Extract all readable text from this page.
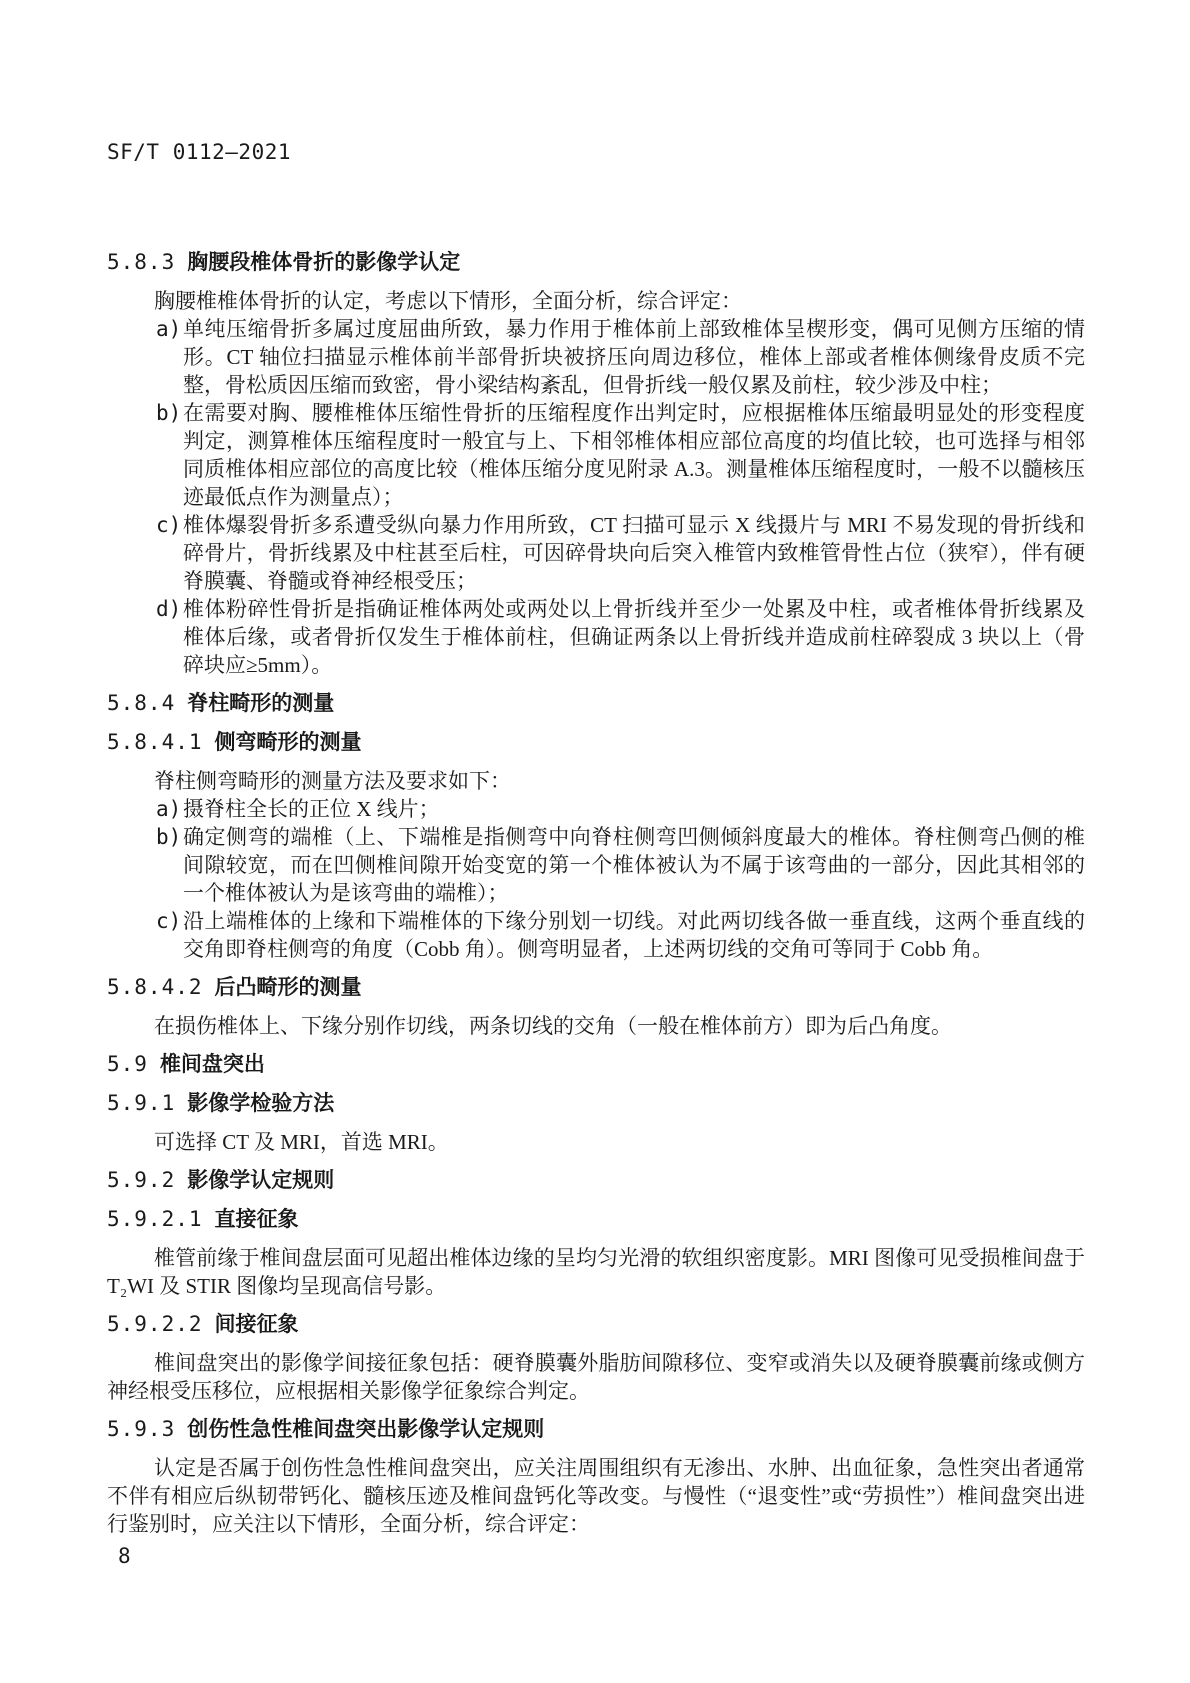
SF/T 0112—2021
5.8.3 胸腰段椎体骨折的影像学认定

胸腰椎椎体骨折的认定，考虑以下情形，全面分析，综合评定：

a) 单纯压缩骨折多属过度屈曲所致，暴力作用于椎体前上部致椎体呈楔形变，偶可见侧方压缩的情形。CT 轴位扫描显示椎体前半部骨折块被挤压向周边移位，椎体上部或者椎体侧缘骨皮质不完整，骨松质因压缩而致密，骨小梁结构紊乱，但骨折线一般仅累及前柱，较少涉及中柱；
b) 在需要对胸、腰椎椎体压缩性骨折的压缩程度作出判定时，应根据椎体压缩最明显处的形变程度判定，测算椎体压缩程度时一般宜与上、下相邻椎体相应部位高度的均值比较，也可选择与相邻同质椎体相应部位的高度比较（椎体压缩分度见附录 A.3。测量椎体压缩程度时，一般不以髓核压迹最低点作为测量点）；
c) 椎体爆裂骨折多系遭受纵向暴力作用所致，CT 扫描可显示 X 线摄片与 MRI 不易发现的骨折线和碎骨片，骨折线累及中柱甚至后柱，可因碎骨块向后突入椎管内致椎管骨性占位（狭窄），伴有硬脊膜囊、脊髓或脊神经根受压；
d) 椎体粉碎性骨折是指确证椎体两处或两处以上骨折线并至少一处累及中柱，或者椎体骨折线累及椎体后缘，或者骨折仅发生于椎体前柱，但确证两条以上骨折线并造成前柱碎裂成 3 块以上（骨碎块应≥5mm）。
5.8.4 脊柱畸形的测量
5.8.4.1 侧弯畸形的测量

脊柱侧弯畸形的测量方法及要求如下：

a) 摄脊柱全长的正位 X 线片；
b) 确定侧弯的端椎（上、下端椎是指侧弯中向脊柱侧弯凹侧倾斜度最大的椎体。脊柱侧弯凸侧的椎间隙较宽，而在凹侧椎间隙开始变宽的第一个椎体被认为不属于该弯曲的一部分，因此其相邻的一个椎体被认为是该弯曲的端椎）；
c) 沿上端椎体的上缘和下端椎体的下缘分别划一切线。对此两切线各做一垂直线，这两个垂直线的交角即脊柱侧弯的角度（Cobb 角）。侧弯明显者，上述两切线的交角可等同于 Cobb 角。
5.8.4.2 后凸畸形的测量

在损伤椎体上、下缘分别作切线，两条切线的交角（一般在椎体前方）即为后凸角度。

5.9 椎间盘突出
5.9.1 影像学检验方法

可选择 CT 及 MRI，首选 MRI。

5.9.2 影像学认定规则
5.9.2.1 直接征象

椎管前缘于椎间盘层面可见超出椎体边缘的呈均匀光滑的软组织密度影。MRI 图像可见受损椎间盘于 T₂WI 及 STIR 图像均呈现高信号影。

5.9.2.2 间接征象

椎间盘突出的影像学间接征象包括：硬脊膜囊外脂肪间隙移位、变窄或消失以及硬脊膜囊前缘或侧方神经根受压移位，应根据相关影像学征象综合判定。

5.9.3 创伤性急性椎间盘突出影像学认定规则

认定是否属于创伤性急性椎间盘突出，应关注周围组织有无渗出、水肿、出血征象，急性突出者通常不伴有相应后纵韧带钙化、髓核压迹及椎间盘钙化等改变。与慢性（“退变性”或“劳损性”）椎间盘突出进行鉴别时，应关注以下情形，全面分析，综合评定：

8
